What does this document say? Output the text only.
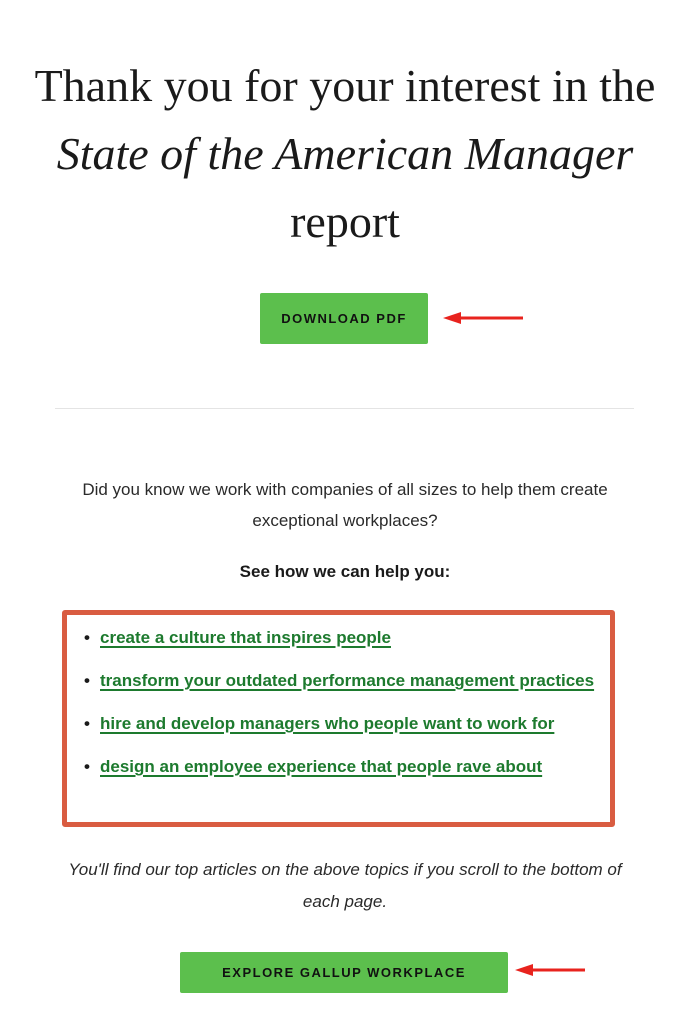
Thank you for your interest in the State of the American Manager report
DOWNLOAD PDF

Did you know we work with companies of all sizes to help them create exceptional workplaces?

See how we can help you:

• create a culture that inspires people
• transform your outdated performance management practices
• hire and develop managers who people want to work for
• design an employee experience that people rave about

You'll find our top articles on the above topics if you scroll to the bottom of each page.

EXPLORE GALLUP WORKPLACE
